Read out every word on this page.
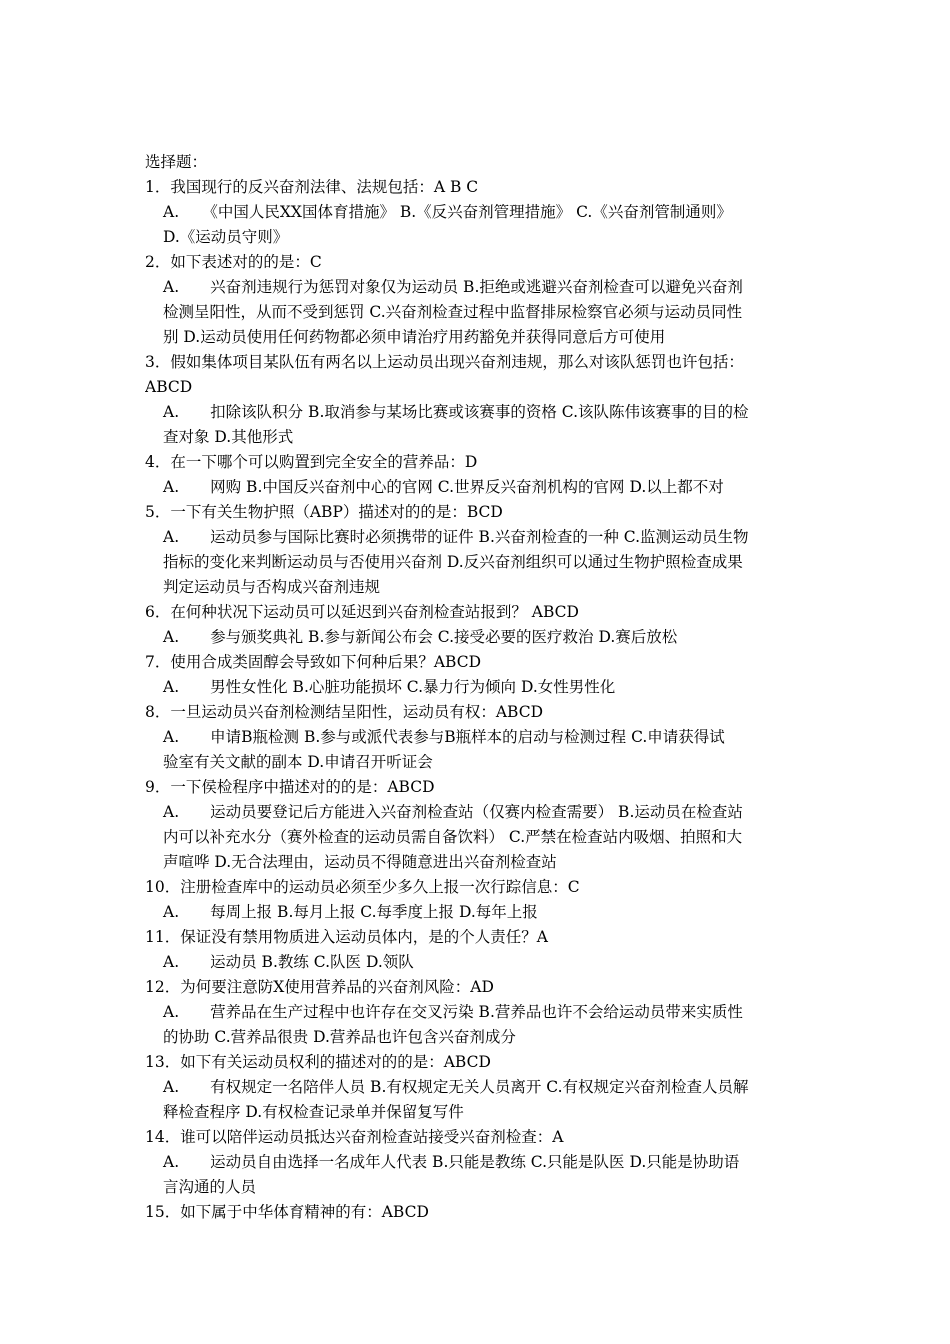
选择题：
1．我国现行的反兴奋剂法律、法规包括：A B C
A.　　《中国人民XX国体育措施》 B.《反兴奋剂管理措施》 C.《兴奋剂管制通则》
D.《运动员守则》
2．如下表述对的的是：C
A.　　兴奋剂违规行为惩罚对象仅为运动员 B.拒绝或逃避兴奋剂检查可以避免兴奋剂
检测呈阳性，从而不受到惩罚 C.兴奋剂检查过程中监督排尿检察官必须与运动员同性
别 D.运动员使用任何药物都必须申请治疗用药豁免并获得同意后方可使用
3．假如集体项目某队伍有两名以上运动员出现兴奋剂违规，那么对该队惩罚也许包括：
ABCD
A.　　扣除该队积分 B.取消参与某场比赛或该赛事的资格 C.该队陈伟该赛事的目的检
查对象 D.其他形式
4．在一下哪个可以购置到完全安全的营养品：D
A.　　网购 B.中国反兴奋剂中心的官网 C.世界反兴奋剂机构的官网 D.以上都不对
5．一下有关生物护照（ABP）描述对的的是：BCD
A.　　运动员参与国际比赛时必须携带的证件 B.兴奋剂检查的一种 C.监测运动员生物
指标的变化来判断运动员与否使用兴奋剂 D.反兴奋剂组织可以通过生物护照检查成果
判定运动员与否构成兴奋剂违规
6．在何种状况下运动员可以延迟到兴奋剂检查站报到？ ABCD
A.　　参与颁奖典礼 B.参与新闻公布会 C.接受必要的医疗救治 D.赛后放松
7．使用合成类固醇会导致如下何种后果？ABCD
A.　　男性女性化 B.心脏功能损坏 C.暴力行为倾向 D.女性男性化
8．一旦运动员兴奋剂检测结呈阳性，运动员有权：ABCD
A.　　申请B瓶检测 B.参与或派代表参与B瓶样本的启动与检测过程 C.申请获得试
验室有关文献的副本 D.申请召开听证会
9．一下侯检程序中描述对的的是：ABCD
A.　　运动员要登记后方能进入兴奋剂检查站（仅赛内检查需要） B.运动员在检查站
内可以补充水分（赛外检查的运动员需自备饮料） C.严禁在检查站内吸烟、拍照和大
声喧哗 D.无合法理由，运动员不得随意进出兴奋剂检查站
10．注册检查库中的运动员必须至少多久上报一次行踪信息：C
A.　　每周上报 B.每月上报 C.每季度上报 D.每年上报
11．保证没有禁用物质进入运动员体内，是的个人责任？A
A.　　运动员 B.教练 C.队医 D.领队
12．为何要注意防X使用营养品的兴奋剂风险：AD
A.　　营养品在生产过程中也许存在交叉污染 B.营养品也许不会给运动员带来实质性
的协助 C.营养品很贵 D.营养品也许包含兴奋剂成分
13．如下有关运动员权利的描述对的的是：ABCD
A.　　有权规定一名陪伴人员 B.有权规定无关人员离开 C.有权规定兴奋剂检查人员解
释检查程序 D.有权检查记录单并保留复写件
14．谁可以陪伴运动员抵达兴奋剂检查站接受兴奋剂检查：A
A.　　运动员自由选择一名成年人代表 B.只能是教练 C.只能是队医 D.只能是协助语
言沟通的人员
15．如下属于中华体育精神的有：ABCD
